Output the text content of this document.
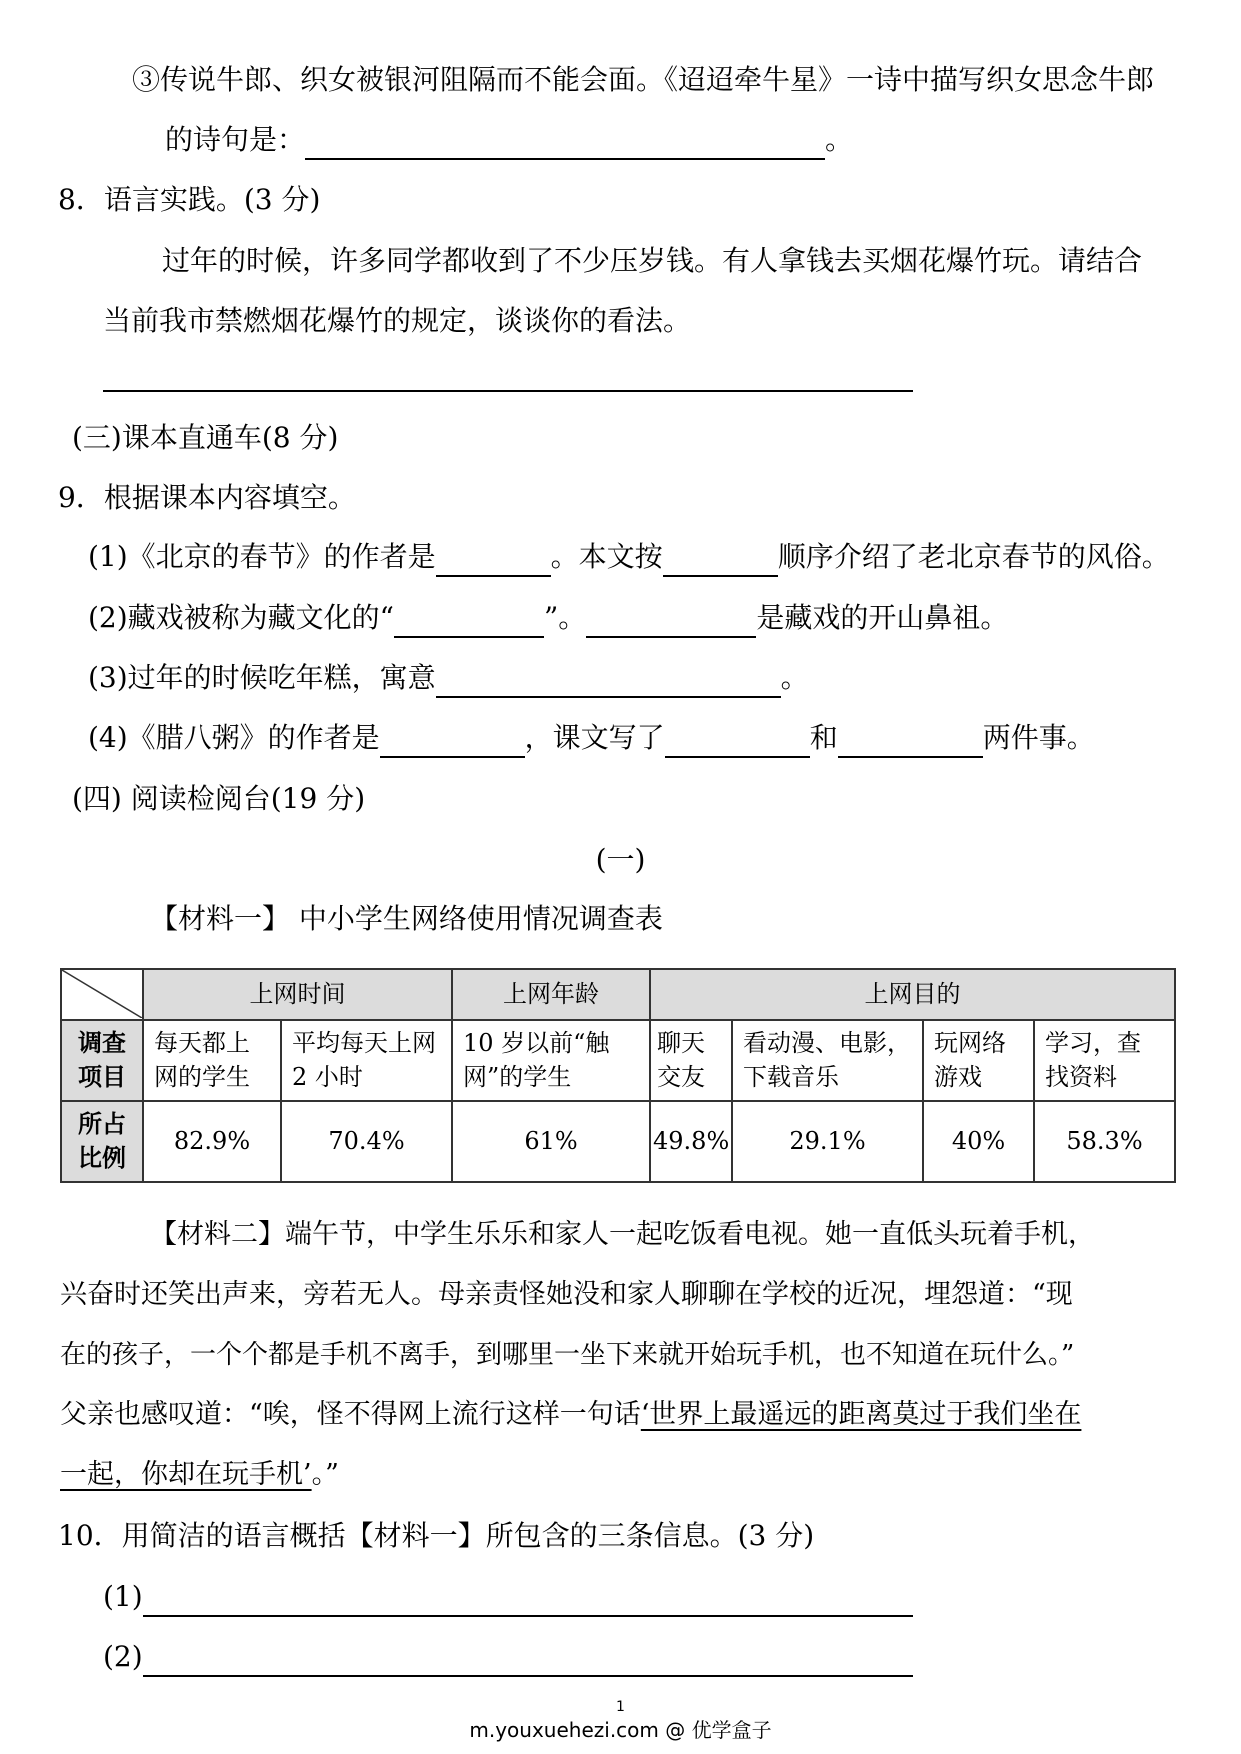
③传说牛郎、织女被银河阻隔而不能会面。《迢迢牵牛星》一诗中描写织女思念牛郎
的诗句是：	。
8．语言实践。(3 分)
过年的时候，许多同学都收到了不少压岁钱。有人拿钱去买烟花爆竹玩。请结合
当前我市禁燃烟花爆竹的规定，谈谈你的看法。
(三)课本直通车(8 分)
9．根据课本内容填空。
(1)《北京的春节》的作者是	。本文按	顺序介绍了老北京春节的风俗。
(2)藏戏被称为藏文化的“	”。	是藏戏的开山鼻祖。
(3)过年的时候吃年糕，寓意	。
(4)《腊八粥》的作者是	，课文写了	和	两件事。
(四) 阅读检阅台(19 分)
(一)
【材料一】 中小学生网络使用情况调查表
	上网时间		上网年龄	上网目的			

调查项目	每天都上网的学生	平均每天上网 2 小时	10 岁以前“触网”的学生	聊天交友	看动漫、电影，下载音乐	玩网络游戏	学习，查找资料

所占比例	82.9%	70.4%	61%	49.8%	29.1%	40%	58.3%
【材料二】端午节，中学生乐乐和家人一起吃饭看电视。她一直低头玩着手机，
兴奋时还笑出声来，旁若无人。母亲责怪她没和家人聊聊在学校的近况，埋怨道：“现
在的孩子，一个个都是手机不离手，到哪里一坐下来就开始玩手机，也不知道在玩什么。”
父亲也感叹道：“唉，怪不得网上流行这样一句话‘世界上最遥远的距离莫过于我们坐在
一起，你却在玩手机’。”
10．用简洁的语言概括【材料一】所包含的三条信息。(3 分)
(1)
(2)
1
m.youxuehezi.com @ 优学盒子
